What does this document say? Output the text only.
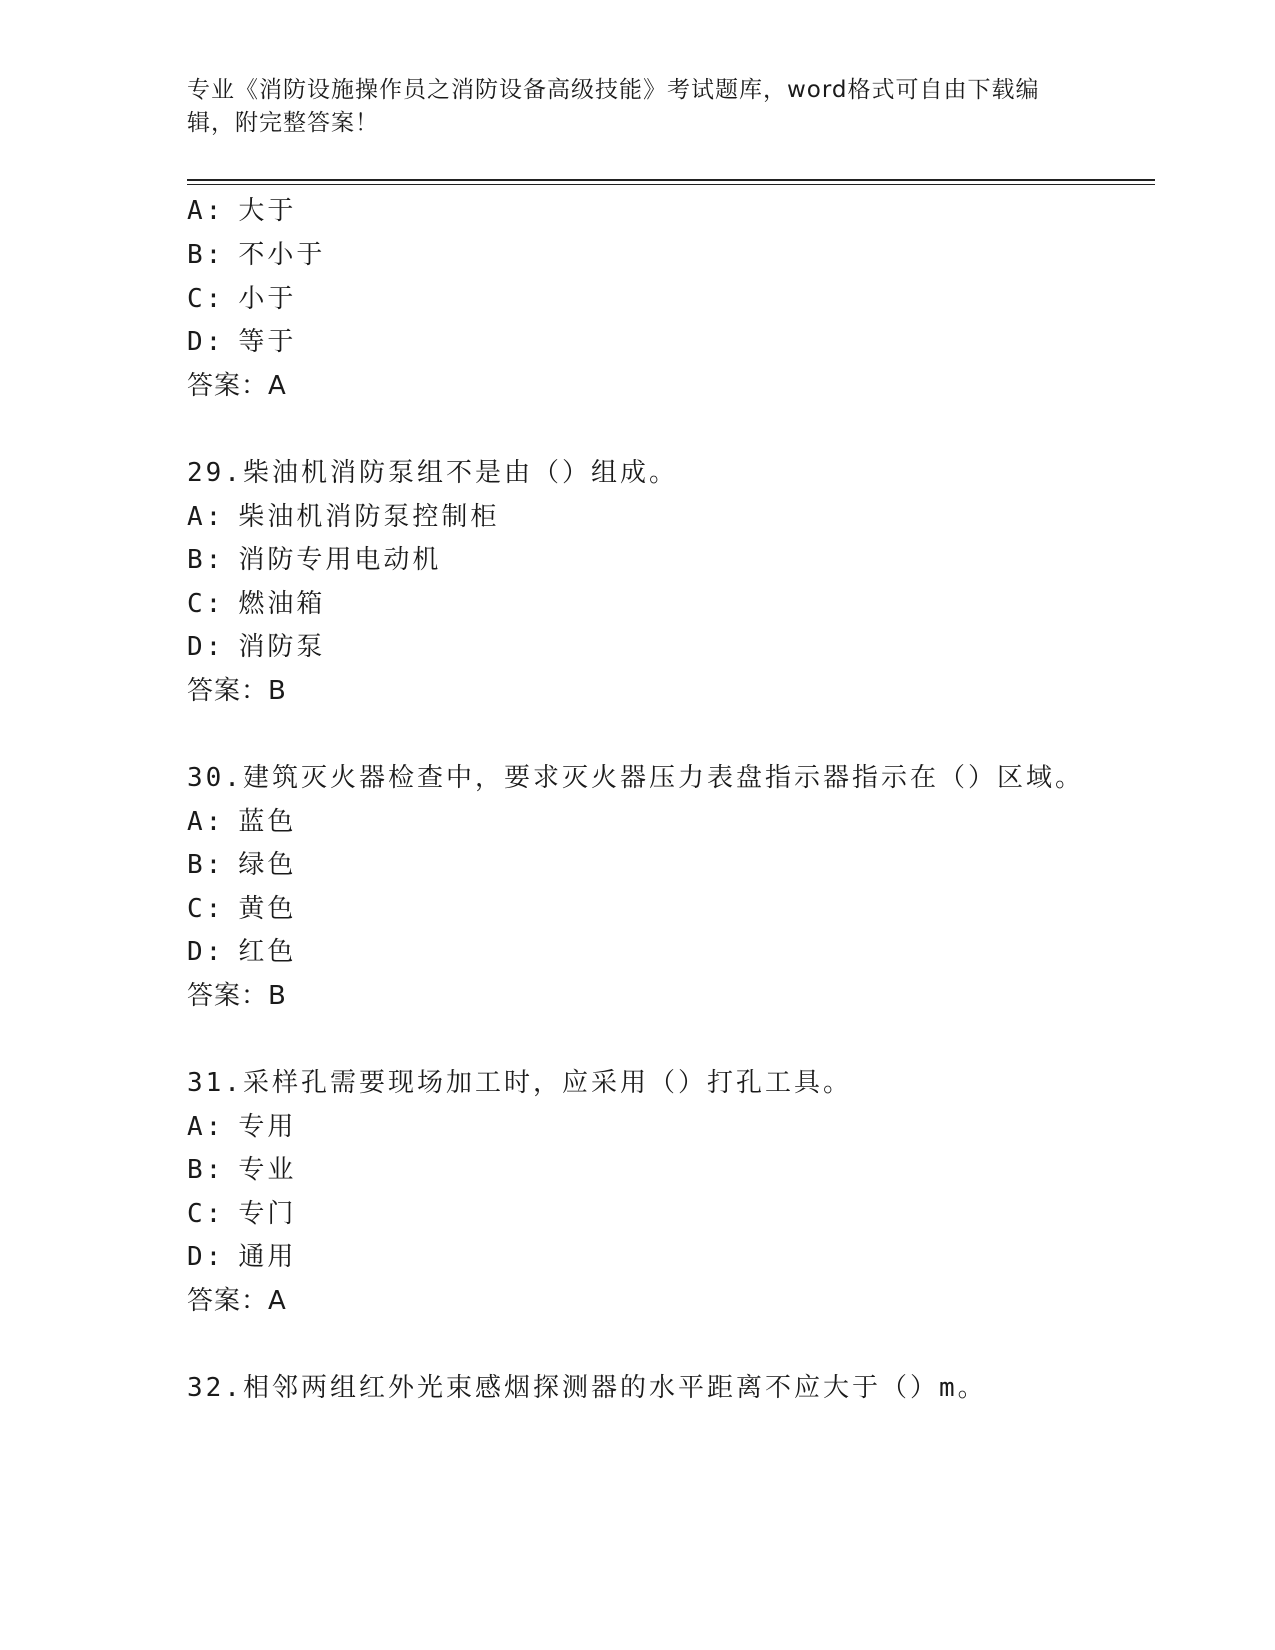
专业《消防设施操作员之消防设备高级技能》考试题库，word格式可自由下载编
辑，附完整答案！
A: 大于
B: 不小于
C: 小于
D: 等于
答案：A
29.柴油机消防泵组不是由（）组成。
A: 柴油机消防泵控制柜
B: 消防专用电动机
C: 燃油箱
D: 消防泵
答案：B
30.建筑灭火器检查中，要求灭火器压力表盘指示器指示在（）区域。
A: 蓝色
B: 绿色
C: 黄色
D: 红色
答案：B
31.采样孔需要现场加工时，应采用（）打孔工具。
A: 专用
B: 专业
C: 专门
D: 通用
答案：A
32.相邻两组红外光束感烟探测器的水平距离不应大于（）m。
